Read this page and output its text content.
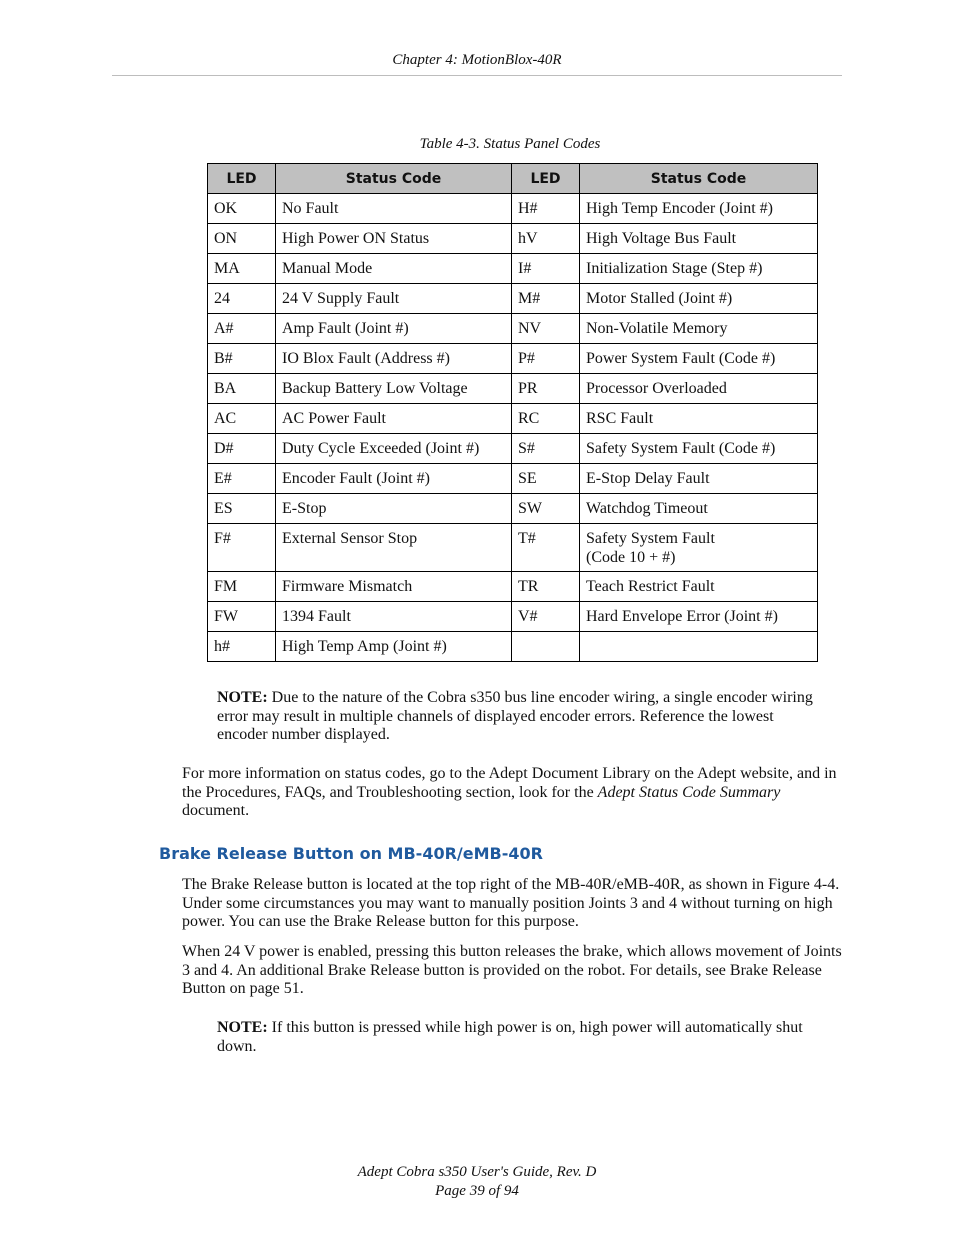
Chapter 4: MotionBlox-40R
Table 4-3. Status Panel Codes
LED	Status Code	LED	Status Code
OK	No Fault	H#	High Temp Encoder (Joint #)
ON	High Power ON Status	hV	High Voltage Bus Fault
MA	Manual Mode	I#	Initialization Stage (Step #)
24	24 V Supply Fault	M#	Motor Stalled (Joint #)
A#	Amp Fault (Joint #)	NV	Non-Volatile Memory
B#	IO Blox Fault (Address #)	P#	Power System Fault (Code #)
BA	Backup Battery Low Voltage	PR	Processor Overloaded
AC	AC Power Fault	RC	RSC Fault
D#	Duty Cycle Exceeded (Joint #)	S#	Safety System Fault (Code #)
E#	Encoder Fault (Joint #)	SE	E-Stop Delay Fault
ES	E-Stop	SW	Watchdog Timeout
F#	External Sensor Stop	T#	Safety System Fault
(Code 10 + #)
FM	Firmware Mismatch	TR	Teach Restrict Fault
FW	1394 Fault	V#	Hard Envelope Error (Joint #)
h#	High Temp Amp (Joint #)		
NOTE: Due to the nature of the Cobra s350 bus line encoder wiring, a single encoder wiring error may result in multiple channels of displayed encoder errors. Reference the lowest encoder number displayed.
For more information on status codes, go to the Adept Document Library on the Adept website, and in the Procedures, FAQs, and Troubleshooting section, look for the Adept Status Code Summary document.
Brake Release Button on MB-40R/eMB-40R
The Brake Release button is located at the top right of the MB-40R/eMB-40R, as shown in Figure 4-4. Under some circumstances you may want to manually position Joints 3 and 4 without turning on high power. You can use the Brake Release button for this purpose.
When 24 V power is enabled, pressing this button releases the brake, which allows movement of Joints 3 and 4. An additional Brake Release button is provided on the robot. For details, see Brake Release Button on page 51.
NOTE: If this button is pressed while high power is on, high power will automatically shut down.
Adept Cobra s350 User's Guide, Rev. D
Page 39 of 94
